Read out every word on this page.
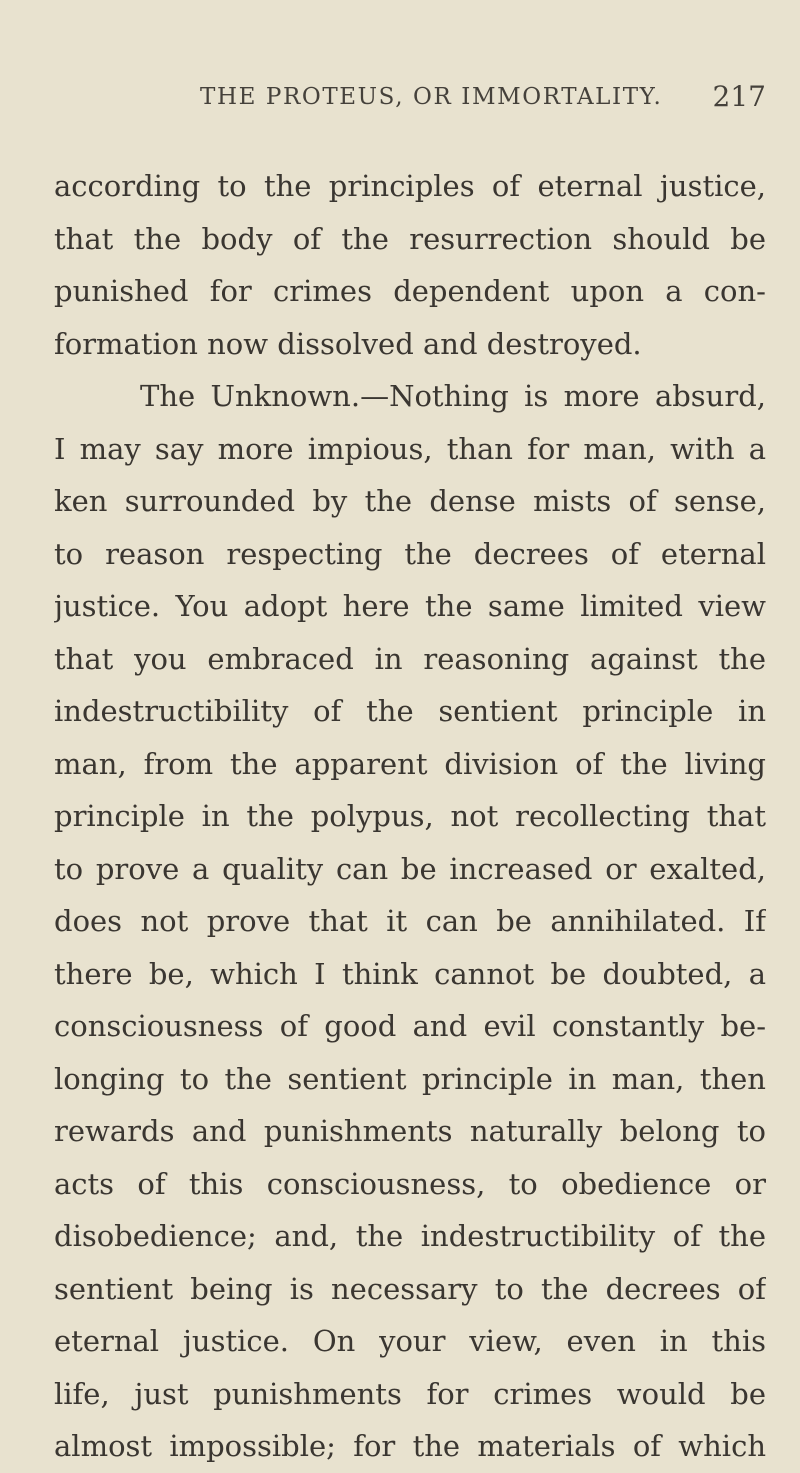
THE PROTEUS, OR IMMORTALITY. 217
according to the principles of eternal justice,
that the body of the resurrection should be
punished for crimes dependent upon a con-
formation now dissolved and destroyed.
The Unknown.—Nothing is more absurd,
I may say more impious, than for man, with a
ken surrounded by the dense mists of sense,
to reason respecting the decrees of eternal
justice. You adopt here the same limited view
that you embraced in reasoning against the
indestructibility of the sentient principle in
man, from the apparent division of the living
principle in the polypus, not recollecting that
to prove a quality can be increased or exalted,
does not prove that it can be annihilated. If
there be, which I think cannot be doubted, a
consciousness of good and evil constantly be-
longing to the sentient principle in man, then
rewards and punishments naturally belong to
acts of this consciousness, to obedience or
disobedience; and, the indestructibility of the
sentient being is necessary to the decrees of
eternal justice. On your view, even in this
life, just punishments for crimes would be
almost impossible; for the materials of which
